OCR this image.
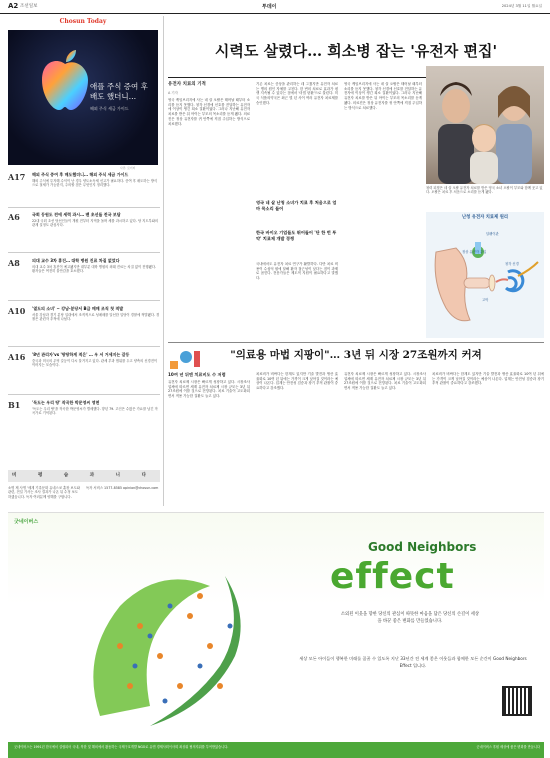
A2 조선일보	투데이	2024년 3월 11일 월요일
Chosun Today
애플 주식 증여 후
배도 했더니…
해외 주식 세금 가이드
사진: 로이터
A17 해외 주식 증여 후 매도했더니… 해외 주식 세금 가이드
해외 주식에 투자해 수익이 난 경우 양도소득세 신고가 필요하다. 증여 후 매도하는 방식으로 절세가 가능한지, 주의할 점은 무엇인지 정리했다.
A6	국회 등원도 전에 세력 과시… 밴 초선들 전국 보답
22대 국회 초선 당선인들이 개원 전부터 지역을 돌며 세를 과시하고 있다. 당 지도부와의 관계 설정도 관심사다.
A8	의대 교수 3차 휴진… 대학 병원 진료 차질 없었다
의대 교수 3차 휴진이 예고됐지만 대부분 대학 병원의 외래 진료는 차질 없이 진행됐다. 환자들은 여전히 불안감을 호소했다.
A10 '열도의 소녀' ~ 강남·분당서 B급 매매 조직 첫 적발
서울 강남과 경기 분당 일대에서 조직적으로 성매매를 알선한 일당이 경찰에 적발됐다. 경찰은 관련자 추적에 나섰다.
A16 '8년 관리자'vs '땅땅하게 적은' … 우 서 거세지는 갈등
중국과 미국의 무역 갈등이 다시 불거지고 있다. 관세 부과 범위를 두고 양측의 신경전이 이어지는 모습이다.
B1	'독도는 우리 땅' 작곡한 박문영씨 영면
'독도는 우리 땅'을 작곡한 박문영씨가 별세했다. 향년 79. 고인은 수많은 가요를 남긴 작곡가로 기억된다.
비 평 습 과 니 다
소명 제 사명 '세계 기록문화 유네스코 훈장 보도와 관련, 전일 기사는 조사 결과가 나온 뒤 수정 보도하겠습니다. 독자 여러분께 양해를 구합니다.
독자 서비스 1577-8585 opinion@chosun.com
시력도 살렸다… 희소병 잡는 '유전자 편집'
유전자 치료의 기적
A 기자
영국 케임브리지에 사는 네 살 오팔은 태어날 때부터 소리를 듣지 못했다. 청각 신경에 신호를 전달하는 유전자에 이상이 생긴 희소 질환이었다. 그러나 지난해 유전자 치료를 받은 뒤 아이는 부모의 목소리를 듣게 됐다. 의료진은 정상 유전자를 귀 안쪽에 직접 주입하는 방식으로 치료했다.
기존 치료는 증상을 관리하는 데 그쳤지만 유전자 치료는 병의 원인 자체를 고친다. 한 번의 치료로 효과가 평생 지속될 수 있다는 점에서 '마법 탄환'으로 불린다. 미국 식품의약국은 최근 몇 년 사이 여러 유전자 치료제를 승인했다.
영국 네 살 난청 소녀가 치료 후 처음으로 엄마 목소리 들어
한국 바이오 기업들도 뛰어들어 '단 한 번 투약' 치료제 개발 경쟁
국내에서도 유전자 치료 연구가 활발하다. 다만 치료 비용이 수십억 원에 달해 환자 접근성이 낮다는 점이 과제로 꼽힌다. 전문가들은 제도적 지원이 필요하다고 말했다.
영국 케임브리지에 사는 네 살 오팔은 태어날 때부터 소리를 듣지 못했다. 청각 신경에 신호를 전달하는 유전자에 이상이 생긴 희소 질환이었다. 그러나 지난해 유전자 치료를 받은 뒤 아이는 부모의 목소리를 듣게 됐다. 의료진은 정상 유전자를 귀 안쪽에 직접 주입하는 방식으로 치료했다.
청력 되찾은 네 살 오팔 유전자 치료를 받은 영국 소녀 오팔이 부모와 함께 웃고 있다. 오팔은 치료 후 처음으로 소리를 듣게 됐다.
난청 유전자 치료제 원리
달팽이관
정상 유전자 주입
청각 신경
고막
"의료용 마법 지팡이"… 3년 뒤 시장 27조원까지 커져
10여 년 뒤엔 치료비도 수 저렴
유전자 치료제 시장은 빠르게 성장하고 있다. 시장조사업체에 따르면 세계 유전자 치료제 시장 규모는 3년 뒤 27조원에 이를 것으로 전망된다. 치료 기술이 고도화되면서 적용 가능한 질환도 늘고 있다.
치료비가 비싸다는 한계도 있지만 기술 발전과 생산 효율화로 10여 년 뒤에는 가격이 크게 낮아질 것이라는 예상이 나온다. 업계는 안전성 검증과 장기 추적 관찰이 중요하다고 강조했다.
유전자 치료제 시장은 빠르게 성장하고 있다. 시장조사업체에 따르면 세계 유전자 치료제 시장 규모는 3년 뒤 27조원에 이를 것으로 전망된다. 치료 기술이 고도화되면서 적용 가능한 질환도 늘고 있다.
치료비가 비싸다는 한계도 있지만 기술 발전과 생산 효율화로 10여 년 뒤에는 가격이 크게 낮아질 것이라는 예상이 나온다. 업계는 안전성 검증과 장기 추적 관찰이 중요하다고 강조했다.
굿네이버스
Good Neighbors
effect
소외된 이웃을 향한 당신의 관심이 따뜻한 마음을 담은 당신의 손길이 세상을 바꾼 좋은 변화를 만들었습니다.
세상 모든 아이들이 행복한 미래를 꿈꿀 수 있도록 지난 33년간 전 세계 좋은 이웃들과 함께한 모든 순간이 Good Neighbors Effect 입니다.
굿네이버스는 1991년 한국에서 설립되어 국내, 북한 및 해외에서 활동하는 국제구호개발 NGO로 유엔 경제사회이사회 최상위 협의지위를 부여받았습니다.	굿네이버스 후원 세상에 좋은 변화를 만듭니다
